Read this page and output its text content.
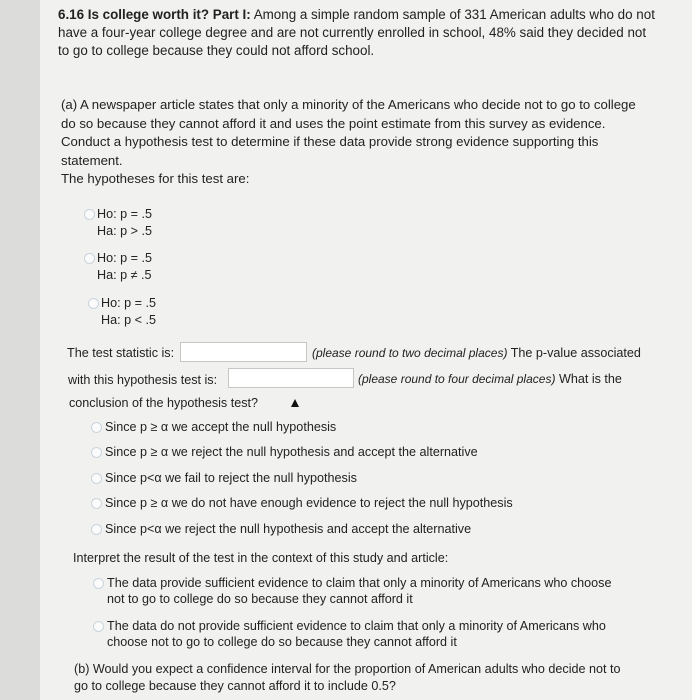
6.16 Is college worth it? Part I: Among a simple random sample of 331 American adults who do not have a four-year college degree and are not currently enrolled in school, 48% said they decided not to go to college because they could not afford school.
(a) A newspaper article states that only a minority of the Americans who decide not to go to college do so because they cannot afford it and uses the point estimate from this survey as evidence. Conduct a hypothesis test to determine if these data provide strong evidence supporting this statement.
The hypotheses for this test are:
Ho: p = .5
Ha: p > .5
Ho: p = .5
Ha: p ≠ .5
Ho: p = .5
Ha: p < .5
The test statistic is:	(please round to two decimal places) The p-value associated
with this hypothesis test is:	(please round to four decimal places) What is the
conclusion of the hypothesis test?
Since p ≥ α we accept the null hypothesis
Since p ≥ α we reject the null hypothesis and accept the alternative
Since p<α we fail to reject the null hypothesis
Since p ≥ α we do not have enough evidence to reject the null hypothesis
Since p<α we reject the null hypothesis and accept the alternative
Interpret the result of the test in the context of this study and article:
The data provide sufficient evidence to claim that only a minority of Americans who choose
not to go to college do so because they cannot afford it
The data do not provide sufficient evidence to claim that only a minority of Americans who
choose not to go to college do so because they cannot afford it
(b) Would you expect a confidence interval for the proportion of American adults who decide not to
go to college because they cannot afford it to include 0.5?
